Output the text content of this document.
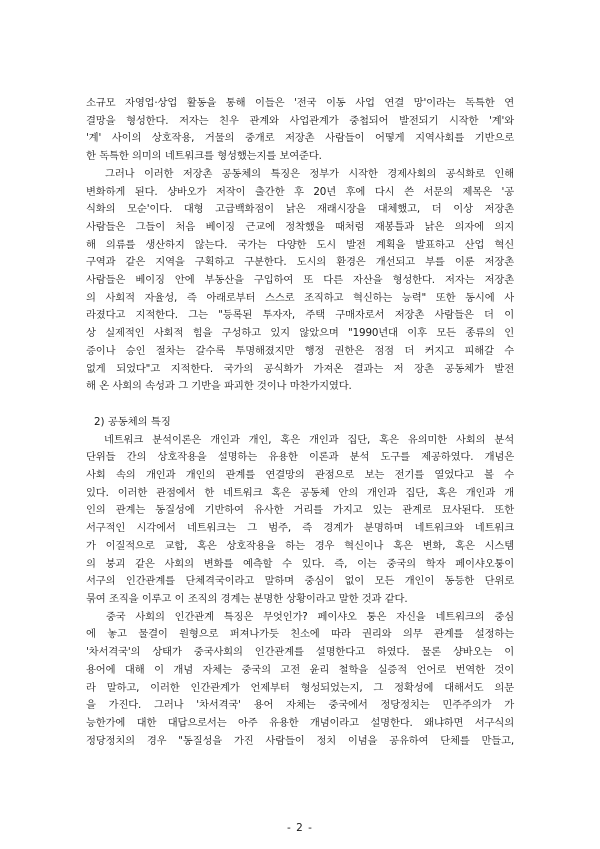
소규모 자영업·상업 활동을 통해 이들은 '전국 이동 사업 연결 망'이라는 독특한 연
결망을 형성한다. 저자는 친우 관계와 사업관계가 중첩되어 발전되기 시작한 '계'와
'계' 사이의 상호작용, 거물의 중개로 저장촌 사람들이 어떻게 지역사회를 기반으로
한 독특한 의미의 네트워크를 형성했는지를 보여준다.

그러나 이러한 저장촌 공동체의 특징은 정부가 시작한 경제사회의 공식화로 인해
변화하게 된다. 샹바오가 저작이 출간한 후 20년 후에 다시 쓴 서문의 제목은 '공
식화의 모순'이다. 대형 고급백화점이 낡은 재래시장을 대체했고, 더 이상 저장촌
사람들은 그들이 처음 베이징 근교에 정착했을 때처럼 재봉틀과 낡은 의자에 의지
해 의류를 생산하지 않는다. 국가는 다양한 도시 발전 계획을 발표하고 산업 혁신
구역과 같은 지역을 구획하고 구분한다. 도시의 환경은 개선되고 부를 이룬 저장촌
사람들은 베이징 안에 부동산을 구입하여 또 다른 자산을 형성한다. 저자는 저장촌
의 사회적 자율성, 즉 아래로부터 스스로 조직하고 혁신하는 능력" 또한 동시에 사
라졌다고 지적한다. 그는 "등록된 투자자, 주택 구매자로서 저장촌 사람들은 더 이
상 실제적인 사회적 힘을 구성하고 있지 않았으며 "1990년대 이후 모든 종류의 인
증이나 승인 절차는 갈수록 투명해졌지만 행정 권한은 점점 더 커지고 피해갈 수
없게 되었다"고 지적한다. 국가의 공식화가 가져온 결과는 저 장촌 공동체가 발전
해 온 사회의 속성과 그 기반을 파괴한 것이나 마찬가지였다.

2) 공동체의 특징

네트워크 분석이론은 개인과 개인, 혹은 개인과 집단, 혹은 유의미한 사회의 분석
단위들 간의 상호작용을 설명하는 유용한 이론과 분석 도구를 제공하였다. 개념은
사회 속의 개인과 개인의 관계를 연결망의 관점으로 보는 전기를 열었다고 볼 수
있다. 이러한 관점에서 한 네트워크 혹은 공동체 안의 개인과 집단, 혹은 개인과 개
인의 관계는 동질성에 기반하여 유사한 거리를 가지고 있는 관계로 묘사된다. 또한
서구적인 시각에서 네트워크는 그 범주, 즉 경계가 분명하며 네트워크와 네트워크
가 이질적으로 교합, 혹은 상호작용을 하는 경우 혁신이나 혹은 변화, 혹은 시스템
의 붕괴 같은 사회의 변화를 예측할 수 있다. 즉, 이는 중국의 학자 페이샤오퉁이
서구의 인간관계를 단체격국이라고 말하며 중심이 없이 모든 개인이 동등한 단위로
묶여 조직을 이루고 이 조직의 경계는 분명한 상황이라고 말한 것과 같다.

중국 사회의 인간관계 특징은 무엇인가? 페이샤오 퉁은 자신을 네트워크의 중심
에 놓고 물결이 원형으로 퍼져나가듯 친소에 따라 권리와 의무 관계를 설정하는
'차서격국'의 상태가 중국사회의 인간관계를 설명한다고 하였다. 물론 샹바오는 이
용어에 대해 이 개념 자체는 중국의 고전 윤리 철학을 실증적 언어로 번역한 것이
라 말하고, 이러한 인간관계가 언제부터 형성되었는지, 그 정확성에 대해서도 의문
을 가진다. 그러나 '차서격국' 용어 자체는 중국에서 정당정치는 민주주의가 가
능한가에 대한 대답으로서는 아주 유용한 개념이라고 설명한다. 왜냐하면 서구식의
정당정치의 경우 "동질성을 가진 사람들이 정치 이념을 공유하여 단체를 만들고,

- 2 -
